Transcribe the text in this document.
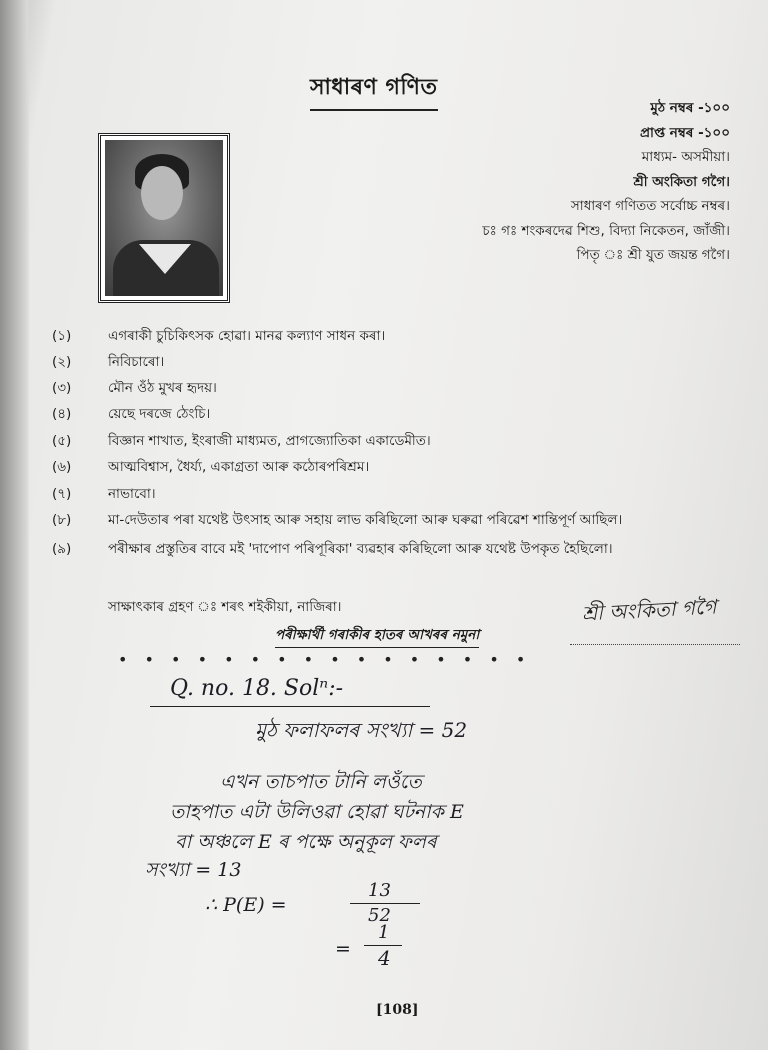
সাধাৰণ গণিত
মুঠ নম্বৰ -১০০
প্ৰাপ্ত নম্বৰ -১০০
মাধ্যম- অসমীয়া।
শ্ৰী অংকিতা গগৈ।
সাধাৰণ গণিতত সৰ্বোচ্চ নম্বৰ।
চঃ গঃ শংকৰদেৱ শিশু, বিদ্যা নিকেতন, জাঁজী।
পিতৃ ঃ শ্ৰী যুত জয়ন্ত গগৈ।
(১)	এগৰাকী চুচিকিৎসক হোৱা। মানৱ কল্যাণ সাধন কৰা।
(২)	নিবিচাৰো।
(৩)	মৌন ওঁঠ মুখৰ হৃদয়।
(৪)	য়েছে দৰজে ঠেংচি।
(৫)	বিজ্ঞান শাখাত, ইংৰাজী মাধ্যমত, প্ৰাগজ্যোতিকা একাডেমীত।
(৬)	আত্মবিশ্বাস, ধৈৰ্য্য, একাগ্ৰতা আৰু কঠোৰপৰিশ্ৰম।
(৭)	নাভাবো।
(৮)	মা-দেউতাৰ পৰা যথেষ্ট উৎসাহ আৰু সহায় লাভ কৰিছিলো আৰু ঘৰুৱা পৰিৱেশ শান্তিপূৰ্ণ আছিল।
(৯)	পৰীক্ষাৰ প্ৰস্তুতিৰ বাবে মই 'দাপোণ পৰিপূৰিকা' ব্যৱহাৰ কৰিছিলো আৰু যথেষ্ট উপকৃত হৈছিলো।
সাক্ষাৎকাৰ গ্ৰহণ ঃ শৰৎ শইকীয়া, নাজিৰা।
পৰীক্ষাৰ্থী গৰাকীৰ হাতৰ আখৰৰ নমুনা
শ্ৰী অংকিতা গগৈ
• • • • • • • • • • • • • • • •
Q. no. 18. Solⁿ:-
মুঠ ফলাফলৰ সংখ্যা = 52
এখন তাচপাত টানি লওঁতে
তাহপাত এটা উলিওৱা হোৱা ঘটনাক E
বা অঞ্চলে E ৰ পক্ষে অনুকূল ফলৰ
সংখ্যা = 13
∴ P(E) =
13
52
=
1
4
[108]
